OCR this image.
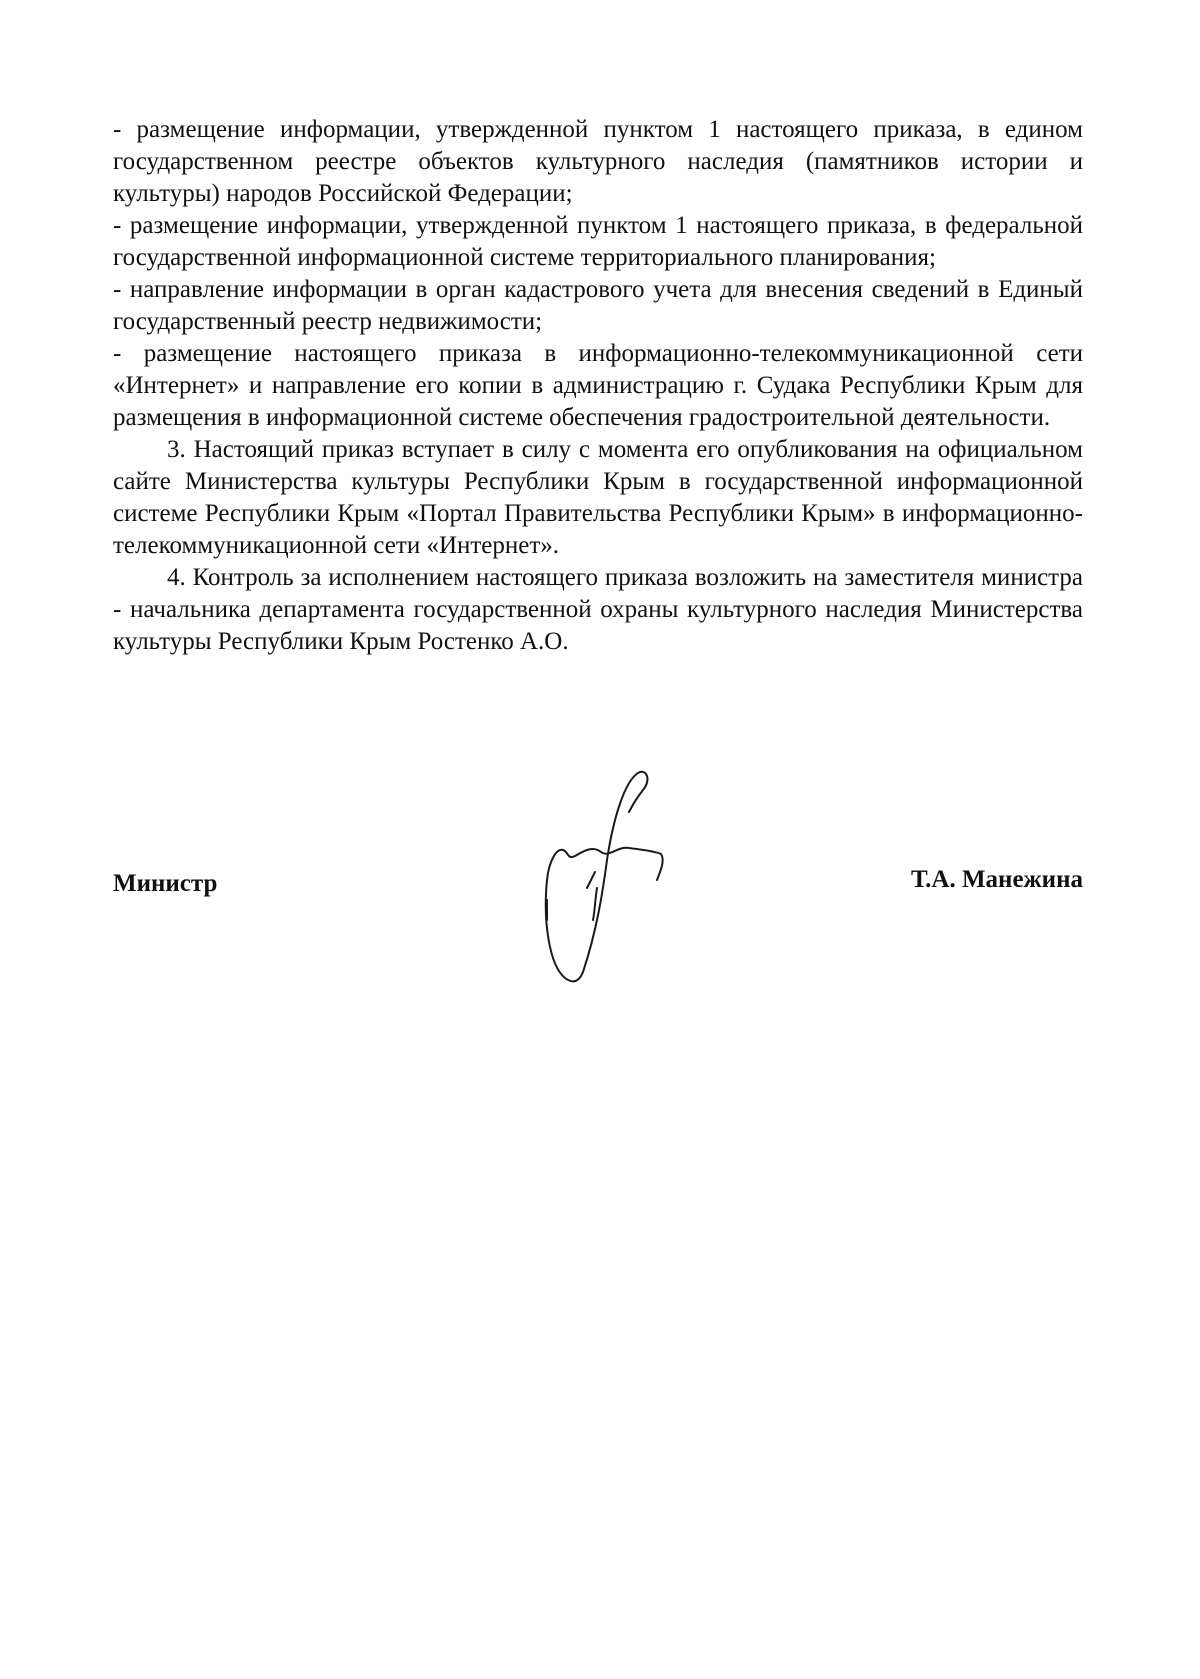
- размещение информации, утвержденной пунктом 1 настоящего приказа, в едином государственном реестре объектов культурного наследия (памятников истории и культуры) народов Российской Федерации;

- размещение информации, утвержденной пунктом 1 настоящего приказа, в федеральной государственной информационной системе территориального планирования;

- направление информации в орган кадастрового учета для внесения сведений в Единый государственный реестр недвижимости;

- размещение настоящего приказа в информационно-телекоммуникационной сети «Интернет» и направление его копии в администрацию г. Судака Республики Крым для размещения в информационной системе обеспечения градостроительной деятельности.

3. Настоящий приказ вступает в силу с момента его опубликования на официальном сайте Министерства культуры Республики Крым в государственной информационной системе Республики Крым «Портал Правительства Республики Крым» в информационно-телекоммуникационной сети «Интернет».

4. Контроль за исполнением настоящего приказа возложить на заместителя министра - начальника департамента государственной охраны культурного наследия Министерства культуры Республики Крым Ростенко А.О.

Министр	Т.А. Манежина
